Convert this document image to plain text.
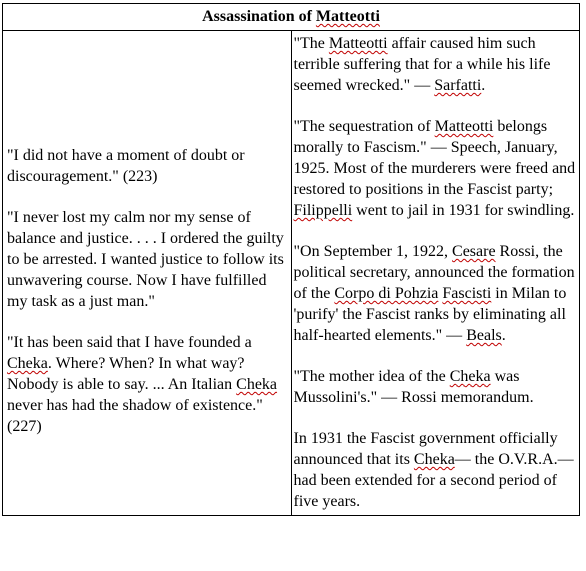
Assassination of Matteotti

"I did not have a moment of doubt or discouragement." (223)

"I never lost my calm nor my sense of balance and justice. . . . I ordered the guilty to be arrested. I wanted justice to follow its unwavering course. Now I have fulfilled my task as a just man."

"It has been said that I have founded a Cheka. Where? When? In what way? Nobody is able to say. ... An Italian Cheka never has had the shadow of existence." (227)

"The Matteotti affair caused him such terrible suffering that for a while his life seemed wrecked." — Sarfatti.

"The sequestration of Matteotti belongs morally to Fascism." — Speech, January, 1925. Most of the murderers were freed and restored to positions in the Fascist party; Filippelli went to jail in 1931 for swindling.

"On September 1, 1922, Cesare Rossi, the political secretary, announced the formation of the Corpo di Pohzia Fascisti in Milan to 'purify' the Fascist ranks by eliminating all half-hearted elements." — Beals.

"The mother idea of the Cheka was Mussolini's." — Rossi memorandum.

In 1931 the Fascist government officially announced that its Cheka— the O.V.R.A.— had been extended for a second period of five years.
